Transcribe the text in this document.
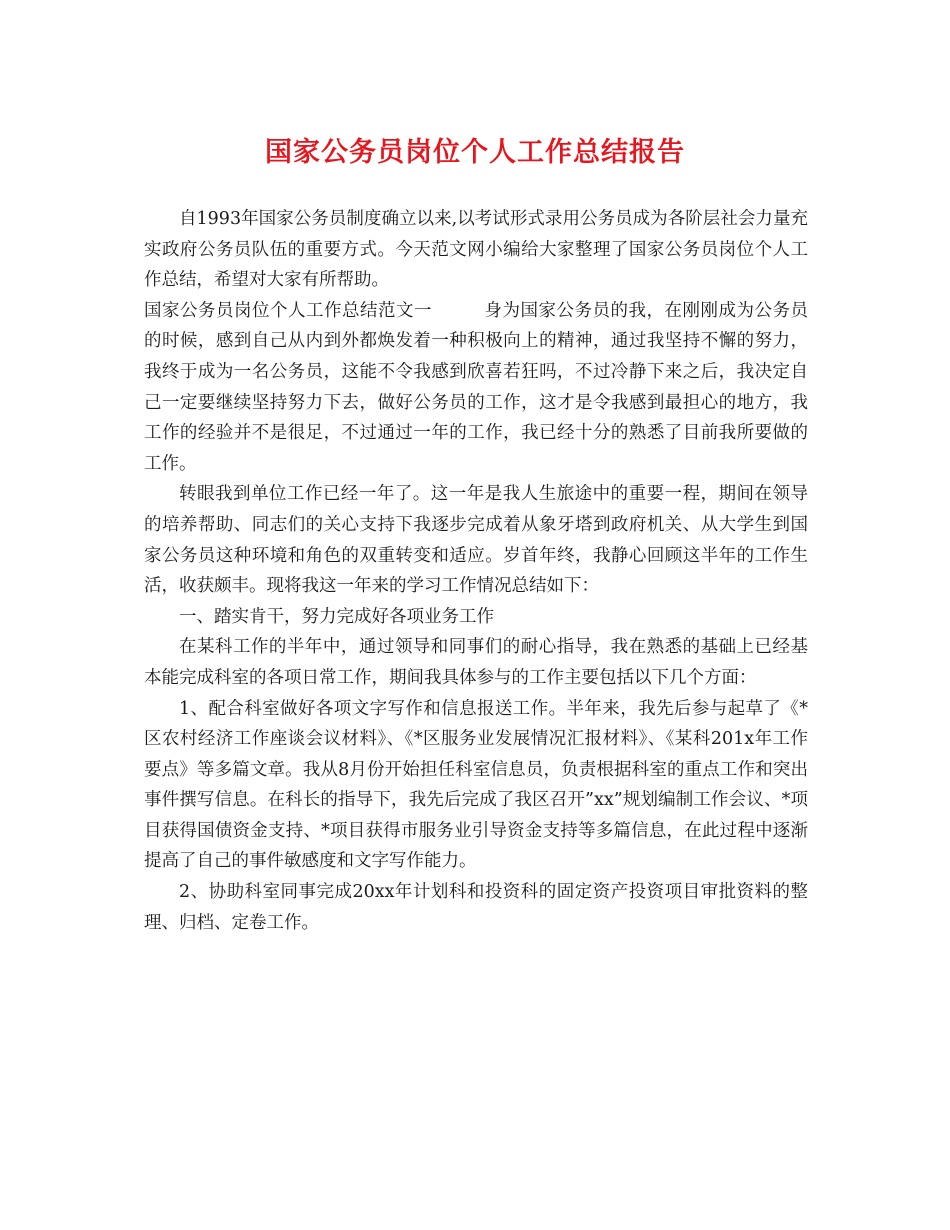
国家公务员岗位个人工作总结报告

自1993年国家公务员制度确立以来,以考试形式录用公务员成为各阶层社会力量充实政府公务员队伍的重要方式。今天范文网小编给大家整理了国家公务员岗位个人工作总结，希望对大家有所帮助。

国家公务员岗位个人工作总结范文一	身为国家公务员的我，在刚刚成为公务员的时候，感到自己从内到外都焕发着一种积极向上的精神，通过我坚持不懈的努力，我终于成为一名公务员，这能不令我感到欣喜若狂吗，不过冷静下来之后，我决定自己一定要继续坚持努力下去，做好公务员的工作，这才是令我感到最担心的地方，我工作的经验并不是很足，不过通过一年的工作，我已经十分的熟悉了目前我所要做的工作。

转眼我到单位工作已经一年了。这一年是我人生旅途中的重要一程，期间在领导的培养帮助、同志们的关心支持下我逐步完成着从象牙塔到政府机关、从大学生到国家公务员这种环境和角色的双重转变和适应。岁首年终，我静心回顾这半年的工作生活，收获颇丰。现将我这一年来的学习工作情况总结如下：

一、踏实肯干，努力完成好各项业务工作

在某科工作的半年中，通过领导和同事们的耐心指导，我在熟悉的基础上已经基本能完成科室的各项日常工作，期间我具体参与的工作主要包括以下几个方面：

1、配合科室做好各项文字写作和信息报送工作。半年来，我先后参与起草了《*区农村经济工作座谈会议材料》、《*区服务业发展情况汇报材料》、《某科201x年工作要点》等多篇文章。我从8月份开始担任科室信息员，负责根据科室的重点工作和突出事件撰写信息。在科长的指导下，我先后完成了我区召开”xx”规划编制工作会议、*项目获得国债资金支持、*项目获得市服务业引导资金支持等多篇信息，在此过程中逐渐提高了自己的事件敏感度和文字写作能力。

2、协助科室同事完成20xx年计划科和投资科的固定资产投资项目审批资料的整理、归档、定卷工作。
